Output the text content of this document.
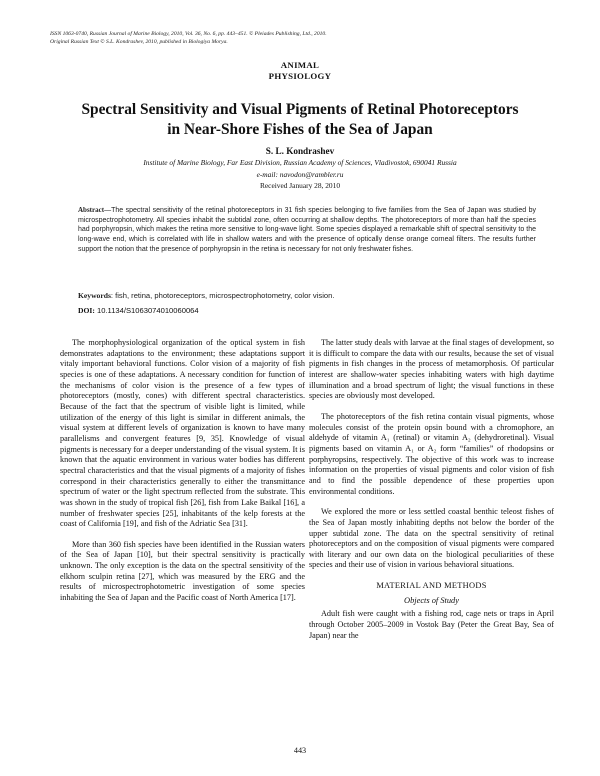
ISSN 1063-0740, Russian Journal of Marine Biology, 2010, Vol. 36, No. 6, pp. 443–451. © Pleiades Publishing, Ltd., 2010.
Original Russian Text © S.L. Kondrashev, 2010, published in Biologiya Morya.
ANIMAL
PHYSIOLOGY
Spectral Sensitivity and Visual Pigments of Retinal Photoreceptors
in Near-Shore Fishes of the Sea of Japan
S. L. Kondrashev
Institute of Marine Biology, Far East Division, Russian Academy of Sciences, Vladivostok, 690041 Russia
e-mail: navodon@rambler.ru
Received January 28, 2010
Abstract—The spectral sensitivity of the retinal photoreceptors in 31 fish species belonging to five families from the Sea of Japan was studied by microspectrophotometry. All species inhabit the subtidal zone, often occurring at shallow depths. The photoreceptors of more than half the species had porphyropsin, which makes the retina more sensitive to long-wave light. Some species displayed a remarkable shift of spectral sensitivity to the long-wave end, which is correlated with life in shallow waters and with the presence of optically dense orange corneal filters. The results further support the notion that the presence of porphyropsin in the retina is necessary for not only freshwater fishes.
Keywords: fish, retina, photoreceptors, microspectrophotometry, color vision.
DOI: 10.1134/S1063074010060064

The morphophysiological organization of the optical system in fish demonstrates adaptations to the environment; these adaptations support vitaly important behavioral functions. Color vision of a majority of fish species is one of these adaptations. A necessary condition for function of the mechanisms of color vision is the presence of a few types of photoreceptors (mostly, cones) with different spectral characteristics. Because of the fact that the spectrum of visible light is limited, while utilization of the energy of this light is similar in different animals, the visual system at different levels of organization is known to have many parallelisms and convergent features [9, 35]. Knowledge of visual pigments is necessary for a deeper understanding of the visual system. It is known that the aquatic environment in various water bodies has different spectral characteristics and that the visual pigments of a majority of fishes correspond in their characteristics generally to either the transmittance spectrum of water or the light spectrum reflected from the substrate. This was shown in the study of tropical fish [26], fish from Lake Baikal [16], a number of freshwater species [25], inhabitants of the kelp forests at the coast of California [19], and fish of the Adriatic Sea [31].

More than 360 fish species have been identified in the Russian waters of the Sea of Japan [10], but their spectral sensitivity is practically unknown. The only exception is the data on the spectral sensitivity of the elkhorn sculpin retina [27], which was measured by the ERG and the results of microspectrophotometric investigation of some species inhabiting the Sea of Japan and the Pacific coast of North America [17].

The latter study deals with larvae at the final stages of development, so it is difficult to compare the data with our results, because the set of visual pigments in fish changes in the process of metamorphosis. Of particular interest are shallow-water species inhabiting waters with high daytime illumination and a broad spectrum of light; the visual functions in these species are obviously most developed.

The photoreceptors of the fish retina contain visual pigments, whose molecules consist of the protein opsin bound with a chromophore, an aldehyde of vitamin A₁ (retinal) or vitamin A₂ (dehydroretinal). Visual pigments based on vitamin A₁ or A₂ form “families” of rhodopsins or porphyropsins, respectively. The objective of this work was to increase information on the properties of visual pigments and color vision of fish and to find the possible dependence of these properties upon environmental conditions.

We explored the more or less settled coastal benthic teleost fishes of the Sea of Japan mostly inhabiting depths not below the border of the upper subtidal zone. The data on the spectral sensitivity of retinal photoreceptors and on the composition of visual pigments were compared with literary and our own data on the biological peculiarities of these species and their use of vision in various behavioral situations.

MATERIAL AND METHODS
Objects of Study

Adult fish were caught with a fishing rod, cage nets or traps in April through October 2005–2009 in Vostok Bay (Peter the Great Bay, Sea of Japan) near the

443
